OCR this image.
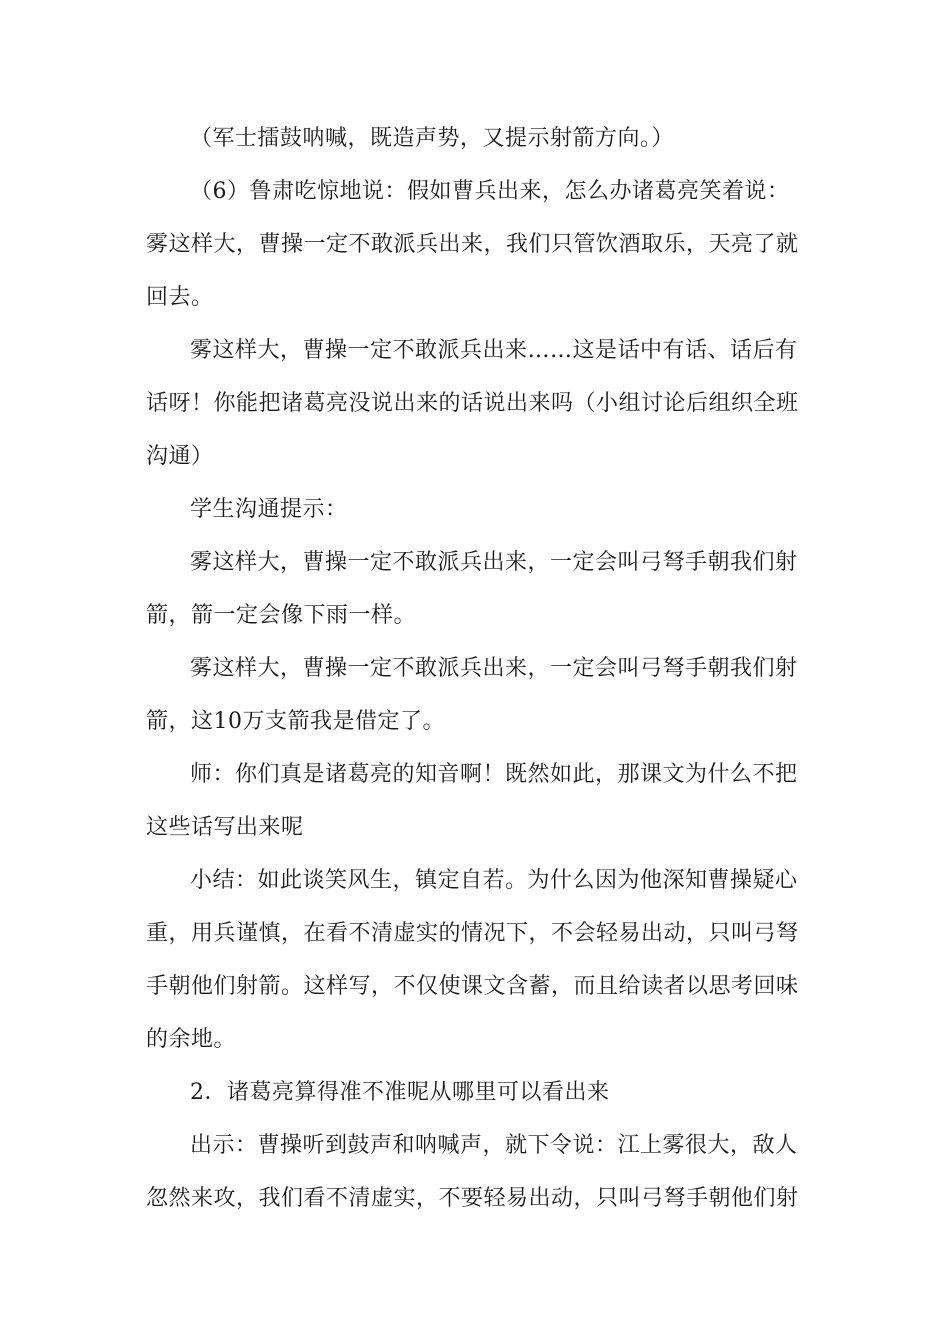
（军士擂鼓呐喊，既造声势，又提示射箭方向。）

（6）鲁肃吃惊地说：假如曹兵出来，怎么办诸葛亮笑着说：雾这样大，曹操一定不敢派兵出来，我们只管饮酒取乐，天亮了就回去。

雾这样大，曹操一定不敢派兵出来……这是话中有话、话后有话呀！你能把诸葛亮没说出来的话说出来吗（小组讨论后组织全班沟通）

学生沟通提示：

雾这样大，曹操一定不敢派兵出来，一定会叫弓弩手朝我们射箭，箭一定会像下雨一样。

雾这样大，曹操一定不敢派兵出来，一定会叫弓弩手朝我们射箭，这10万支箭我是借定了。

师：你们真是诸葛亮的知音啊！既然如此，那课文为什么不把这些话写出来呢

小结：如此谈笑风生，镇定自若。为什么因为他深知曹操疑心重，用兵谨慎，在看不清虚实的情况下，不会轻易出动，只叫弓弩手朝他们射箭。这样写，不仅使课文含蓄，而且给读者以思考回味的余地。

2．诸葛亮算得准不准呢从哪里可以看出来

出示：曹操听到鼓声和呐喊声，就下令说：江上雾很大，敌人忽然来攻，我们看不清虚实，不要轻易出动，只叫弓弩手朝他们射
